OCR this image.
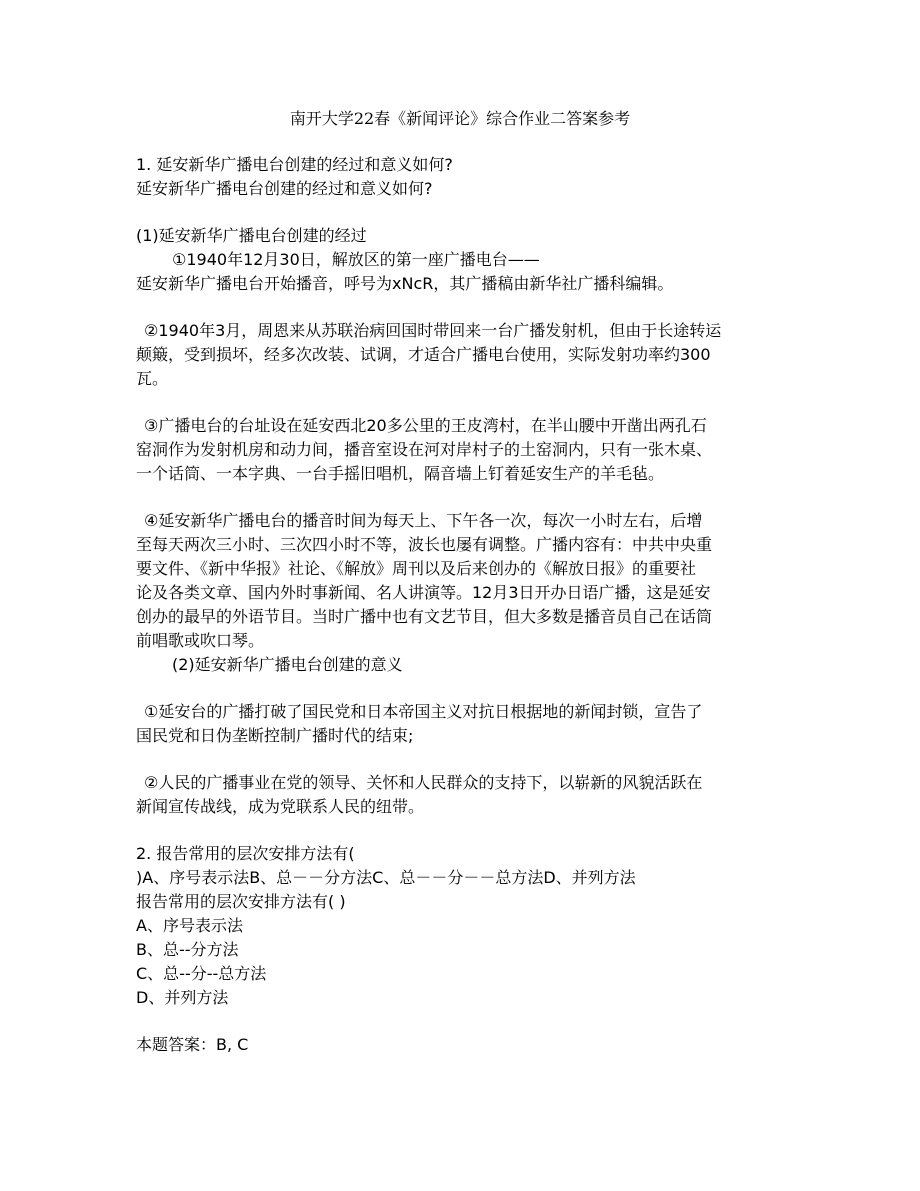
南开大学22春《新闻评论》综合作业二答案参考
1. 延安新华广播电台创建的经过和意义如何?
延安新华广播电台创建的经过和意义如何?
(1)延安新华广播电台创建的经过
①1940年12月30日，解放区的第一座广播电台——
延安新华广播电台开始播音，呼号为xNcR，其广播稿由新华社广播科编辑。
②1940年3月，周恩来从苏联治病回国时带回来一台广播发射机，但由于长途转运
颠簸，受到损坏，经多次改装、试调，才适合广播电台使用，实际发射功率约300
瓦。
③广播电台的台址设在延安西北20多公里的王皮湾村，在半山腰中开凿出两孔石
窑洞作为发射机房和动力间，播音室设在河对岸村子的土窑洞内，只有一张木桌、
一个话筒、一本字典、一台手摇旧唱机，隔音墙上钉着延安生产的羊毛毡。
④延安新华广播电台的播音时间为每天上、下午各一次，每次一小时左右，后增
至每天两次三小时、三次四小时不等，波长也屡有调整。广播内容有：中共中央重
要文件、《新中华报》社论、《解放》周刊以及后来创办的《解放日报》的重要社
论及各类文章、国内外时事新闻、名人讲演等。12月3日开办日语广播，这是延安
创办的最早的外语节目。当时广播中也有文艺节目，但大多数是播音员自己在话筒
前唱歌或吹口琴。
(2)延安新华广播电台创建的意义
①延安台的广播打破了国民党和日本帝国主义对抗日根据地的新闻封锁，宣告了
国民党和日伪垄断控制广播时代的结束;
②人民的广播事业在党的领导、关怀和人民群众的支持下，以崭新的风貌活跃在
新闻宣传战线，成为党联系人民的纽带。
2. 报告常用的层次安排方法有(
)A、序号表示法B、总－－分方法C、总－－分－－总方法D、并列方法
报告常用的层次安排方法有( )
A、序号表示法
B、总--分方法
C、总--分--总方法
D、并列方法
本题答案：B, C
